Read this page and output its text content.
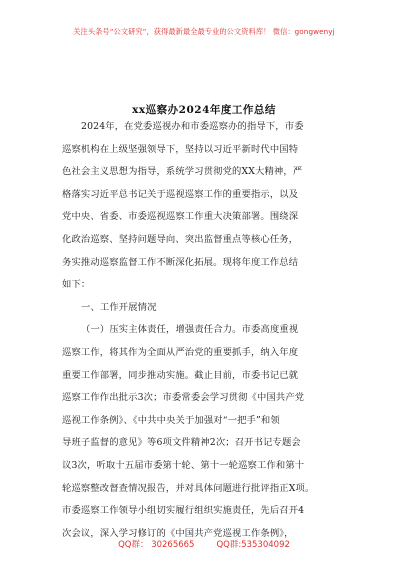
关注头条号“公文研究”，获得最新最全最专业的公文资料库！ 微信：gongwenyj
xx巡察办2024年度工作总结
2024年，在党委巡视办和市委巡察办的指导下，市委
巡察机构在上级坚强领导下，坚持以习近平新时代中国特
色社会主义思想为指导，系统学习贯彻党的XX大精神，严
格落实习近平总书记关于巡视巡察工作的重要指示，以及
党中央、省委、市委巡视巡察工作重大决策部署。围绕深
化政治巡察、坚持问题导向、突出监督重点等核心任务，
务实推动巡察监督工作不断深化拓展。现将年度工作总结
如下：
一、工作开展情况
（一）压实主体责任，增强责任合力。市委高度重视
巡察工作，将其作为全面从严治党的重要抓手，纳入年度
重要工作部署，同步推动实施。截止目前，市委书记已就
巡察工作作出批示3次；市委常委会学习贯彻《中国共产党
巡视工作条例》、《中共中央关于加强对“一把手”和领
导班子监督的意见》等6项文件精神2次；召开书记专题会
议3次，听取十五届市委第十轮、第十一轮巡察工作和第十
轮巡察整改督查情况报告，并对具体问题进行批评指正X项。
市委巡察工作领导小组切实履行组织实施责任，先后召开4
次会议，深入学习修订的《中国共产党巡视工作条例》，
QQ群： 30265665	QQ群:535304092
